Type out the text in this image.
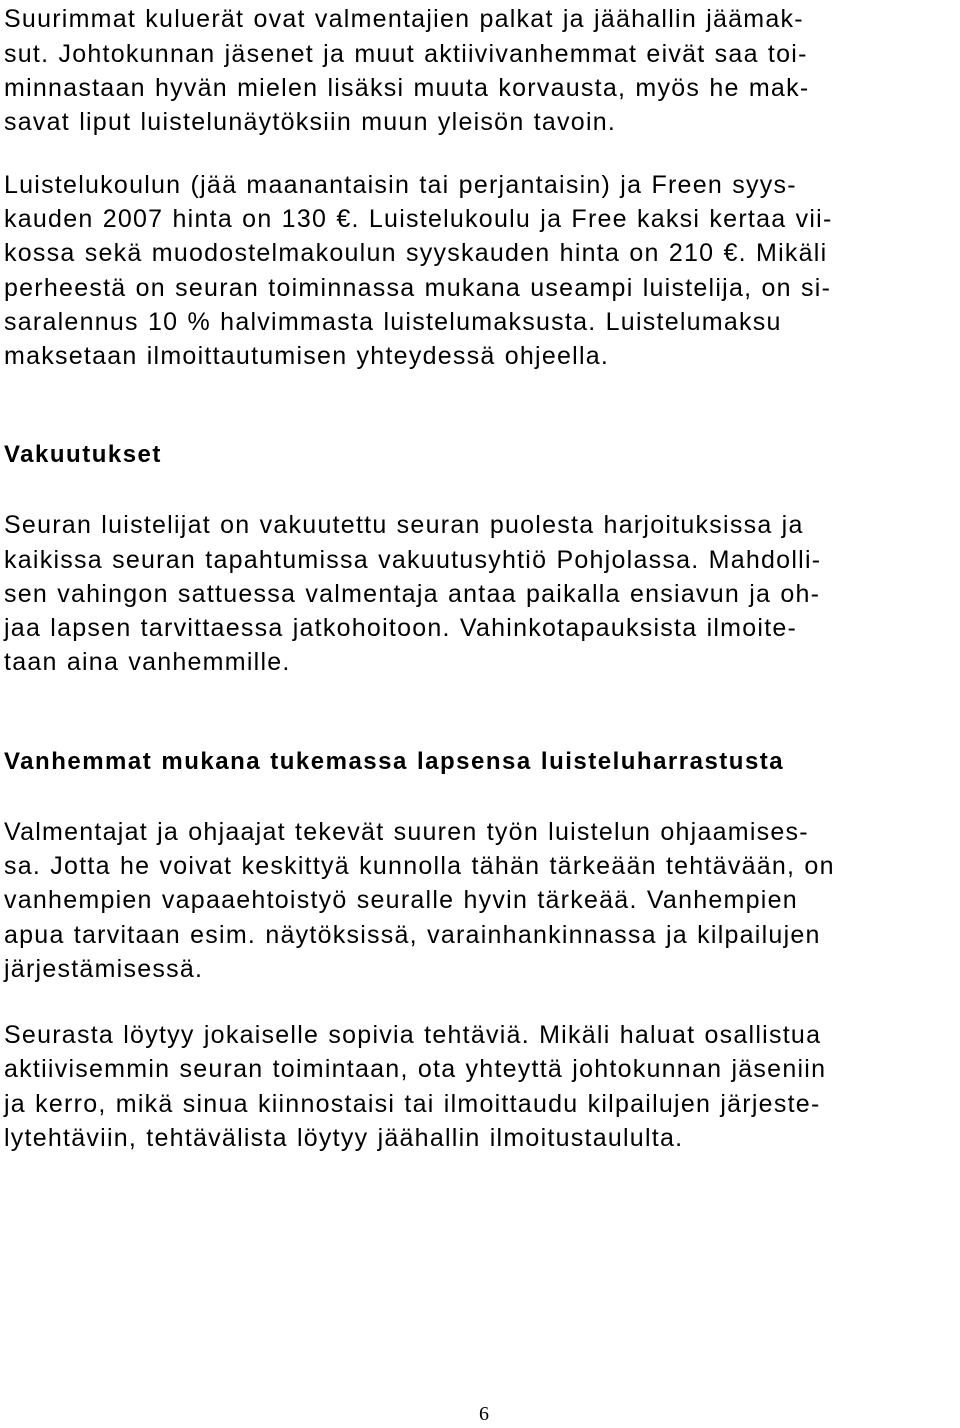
Suurimmat kuluerät ovat valmentajien palkat ja jäähallin jäämak-
sut. Johtokunnan jäsenet ja muut aktiivivanhemmat eivät saa toi-
minnastaan hyvän mielen lisäksi muuta korvausta, myös he mak-
savat liput luistelunäytöksiin muun yleisön tavoin.
Luistelukoulun (jää maanantaisin tai perjantaisin) ja Freen syys-
kauden 2007 hinta on 130 €. Luistelukoulu ja Free kaksi kertaa vii-
kossa sekä muodostelmakoulun syyskauden hinta on 210 €. Mikäli
perheestä on seuran toiminnassa mukana useampi luistelija, on si-
saralennus 10 % halvimmasta luistelumaksusta. Luistelumaksu
maksetaan ilmoittautumisen yhteydessä ohjeella.
Vakuutukset
Seuran luistelijat on vakuutettu seuran puolesta harjoituksissa ja
kaikissa seuran tapahtumissa vakuutusyhtiö Pohjolassa. Mahdolli-
sen vahingon sattuessa valmentaja antaa paikalla ensiavun ja oh-
jaa lapsen tarvittaessa jatkohoitoon. Vahinkotapauksista ilmoite-
taan aina vanhemmille.
Vanhemmat mukana tukemassa lapsensa luisteluharrastusta
Valmentajat ja ohjaajat tekevät suuren työn luistelun ohjaamises-
sa. Jotta he voivat keskittyä kunnolla tähän tärkeään tehtävään, on
vanhempien vapaaehtoistyö seuralle hyvin tärkeää. Vanhempien
apua tarvitaan esim. näytöksissä, varainhankinnassa ja kilpailujen
järjestämisessä.
Seurasta löytyy jokaiselle sopivia tehtäviä. Mikäli haluat osallistua
aktiivisemmin seuran toimintaan, ota yhteyttä johtokunnan jäseniin
ja kerro, mikä sinua kiinnostaisi tai ilmoittaudu kilpailujen järjeste-
lytehtäviin, tehtävälista löytyy jäähallin ilmoitustaululta.
6
